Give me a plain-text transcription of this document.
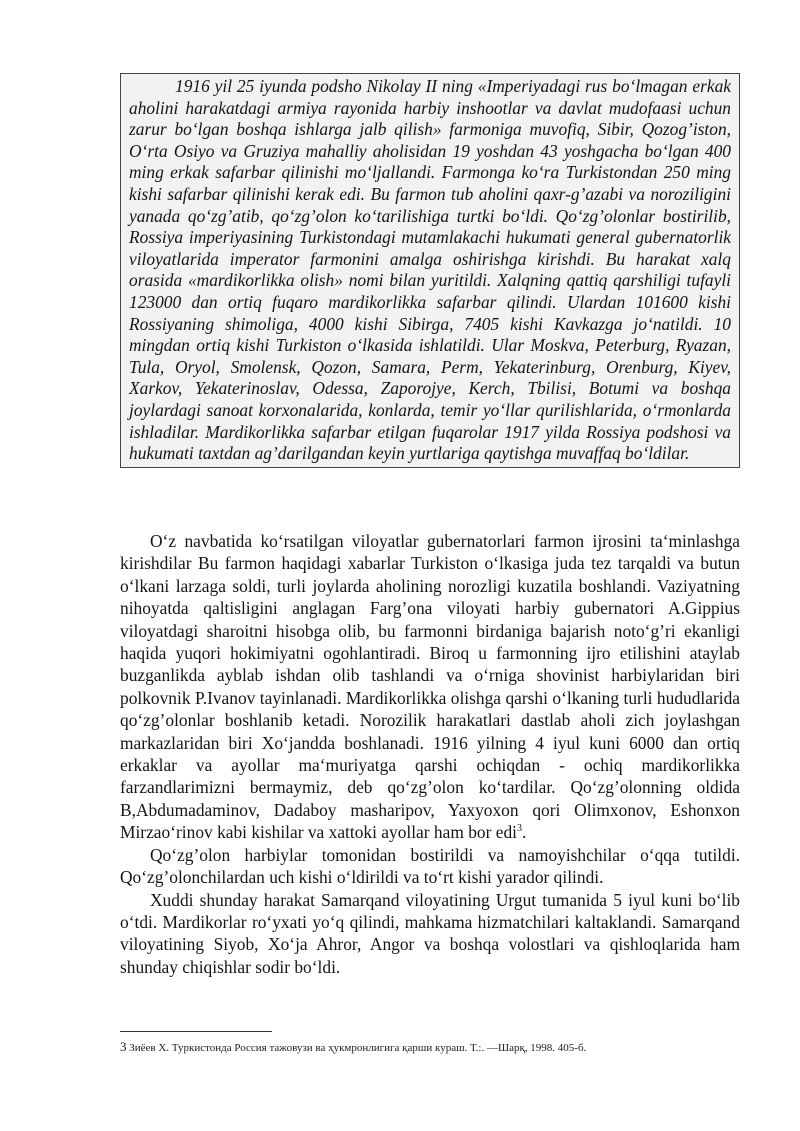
1916 yil 25 iyunda podsho Nikolay II ning «Imperiyadagi rus bo‘lmagan erkak aholini harakatdagi armiya rayonida harbiy inshootlar va davlat mudofaasi uchun zarur bo‘lgan boshqa ishlarga jalb qilish» farmoniga muvofiq, Sibir, Qozog’iston, O‘rta Osiyo va Gruziya mahalliy aholisidan 19 yoshdan 43 yoshgacha bo‘lgan 400 ming erkak safarbar qilinishi mo‘ljallandi. Farmonga ko‘ra Turkistondan 250 ming kishi safarbar qilinishi kerak edi. Bu farmon tub aholini qaxr-g’azabi va noroziligini yanada qo‘zg’atib, qo‘zg’olon ko‘tarilishiga turtki bo‘ldi. Qo‘zg’olonlar bostirilib, Rossiya imperiyasining Turkistondagi mutamlakachi hukumati general gubernatorlik viloyatlarida imperator farmonini amalga oshirishga kirishdi. Bu harakat xalq orasida «mardikorlikka olish» nomi bilan yuritildi. Xalqning qattiq qarshiligi tufayli 123000 dan ortiq fuqaro mardikorlikka safarbar qilindi. Ulardan 101600 kishi Rossiyaning shimoliga, 4000 kishi Sibirga, 7405 kishi Kavkazga jo‘natildi. 10 mingdan ortiq kishi Turkiston o‘lkasida ishlatildi. Ular Moskva, Peterburg, Ryazan, Tula, Oryol, Smolensk, Qozon, Samara, Perm, Yekaterinburg, Orenburg, Kiyev, Xarkov, Yekaterinoslav, Odessa, Zaporojye, Kerch, Tbilisi, Botumi va boshqa joylardagi sanoat korxonalarida, konlarda, temir yo‘llar qurilishlarida, o‘rmonlarda ishladilar. Mardikorlikka safarbar etilgan fuqarolar 1917 yilda Rossiya podshosi va hukumati taxtdan ag’darilgandan keyin yurtlariga qaytishga muvaffaq bo‘ldilar.

O‘z navbatida ko‘rsatilgan viloyatlar gubernatorlari farmon ijrosini ta‘minlashga kirishdilar Bu farmon haqidagi xabarlar Turkiston o‘lkasiga juda tez tarqaldi va butun o‘lkani larzaga soldi, turli joylarda aholining norozligi kuzatila boshlandi. Vaziyatning nihoyatda qaltisligini anglagan Farg’ona viloyati harbiy gubernatori A.Gippius viloyatdagi sharoitni hisobga olib, bu farmonni birdaniga bajarish noto‘g’ri ekanligi haqida yuqori hokimiyatni ogohlantiradi. Biroq u farmonning ijro etilishini ataylab buzganlikda ayblab ishdan olib tashlandi va o‘rniga shovinist harbiylaridan biri polkovnik P.Ivanov tayinlanadi. Mardikorlikka olishga qarshi o‘lkaning turli hududlarida qo‘zg’olonlar boshlanib ketadi. Norozilik harakatlari dastlab aholi zich joylashgan markazlaridan biri Xo‘jandda boshlanadi. 1916 yilning 4 iyul kuni 6000 dan ortiq erkaklar va ayollar ma‘muriyatga qarshi ochiqdan - ochiq mardikorlikka farzandlarimizni bermaymiz, deb qo‘zg’olon ko‘tardilar. Qo‘zg’olonning oldida B,Abdumadaminov, Dadaboy masharipov, Yaxyoxon qori Olimxonov, Eshonxon Mirzao‘rinov kabi kishilar va xattoki ayollar ham bor edi$^3$.

Qo‘zg’olon harbiylar tomonidan bostirildi va namoyishchilar o‘qqa tutildi. Qo‘zg’olonchilardan uch kishi o‘ldirildi va to‘rt kishi yarador qilindi.

Xuddi shunday harakat Samarqand viloyatining Urgut tumanida 5 iyul kuni bo‘lib o‘tdi. Mardikorlar ro‘yxati yo‘q qilindi, mahkama hizmatchilari kaltaklandi. Samarqand viloyatining Siyob, Xo‘ja Ahror, Angor va boshqa volostlari va qishloqlarida ham shunday chiqishlar sodir bo‘ldi.

3 Зиёев Х. Туркистонда Россия тажовузи ва ҳукмронлигига қарши кураш. Т.:. —Шарқ, 1998. 405-б.
